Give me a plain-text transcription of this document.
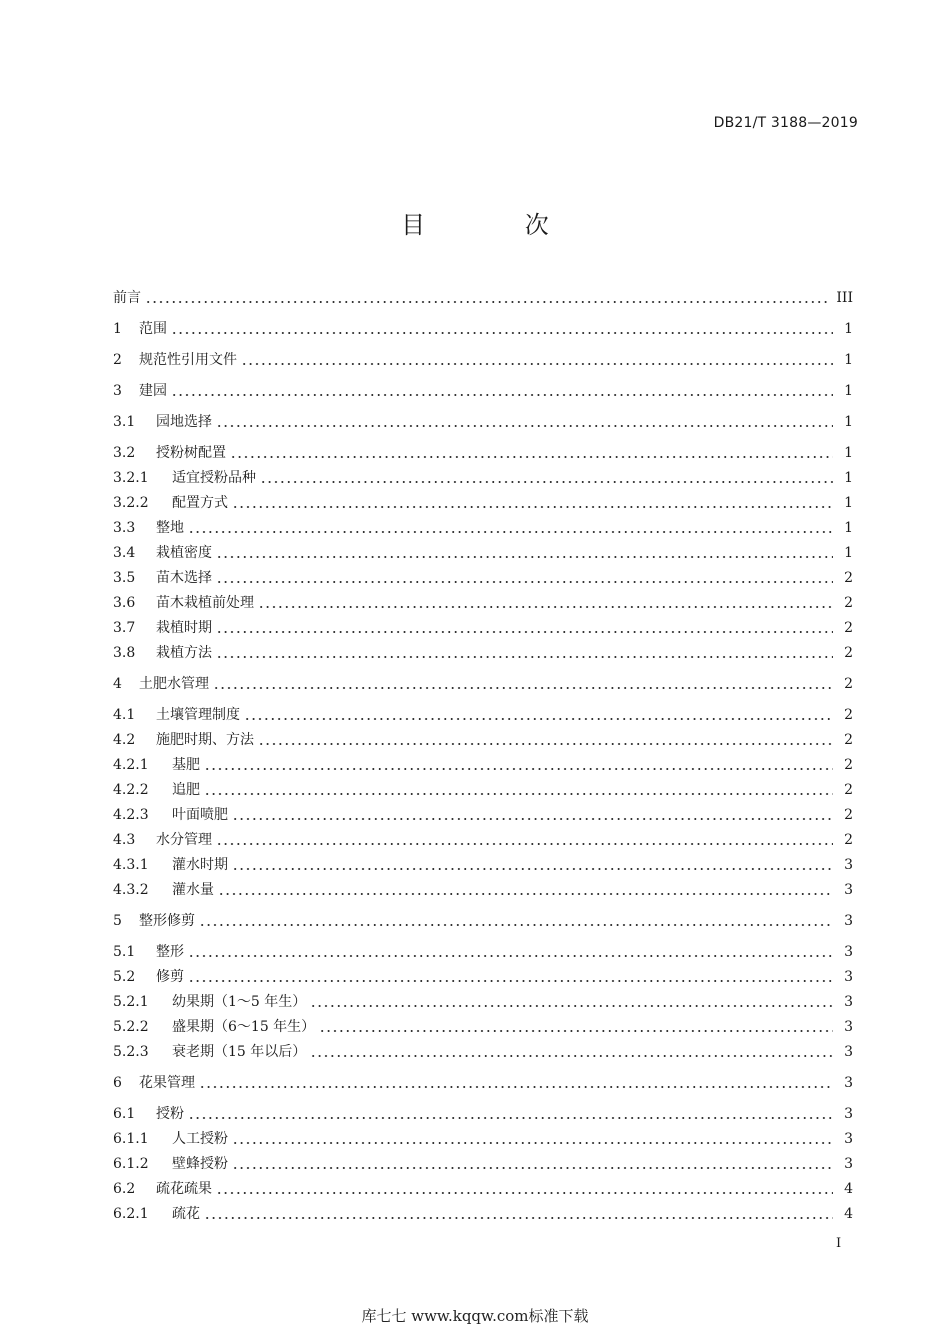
DB21/T 3188—2019
目 次
前言	III
1	范围	1
2	规范性引用文件	1
3	建园	1
3.1	园地选择	1
3.2	授粉树配置	1
3.2.1	适宜授粉品种	1
3.2.2	配置方式	1
3.3	整地	1
3.4	栽植密度	1
3.5	苗木选择	2
3.6	苗木栽植前处理	2
3.7	栽植时期	2
3.8	栽植方法	2
4	土肥水管理	2
4.1	土壤管理制度	2
4.2	施肥时期、方法	2
4.2.1	基肥	2
4.2.2	追肥	2
4.2.3	叶面喷肥	2
4.3	水分管理	2
4.3.1	灌水时期	3
4.3.2	灌水量	3
5	整形修剪	3
5.1	整形	3
5.2	修剪	3
5.2.1	幼果期（1～5 年生）	3
5.2.2	盛果期（6～15 年生）	3
5.2.3	衰老期（15 年以后）	3
6	花果管理	3
6.1	授粉	3
6.1.1	人工授粉	3
6.1.2	壁蜂授粉	3
6.2	疏花疏果	4
6.2.1	疏花	4
I
库七七 www.kqqw.com标准下载
